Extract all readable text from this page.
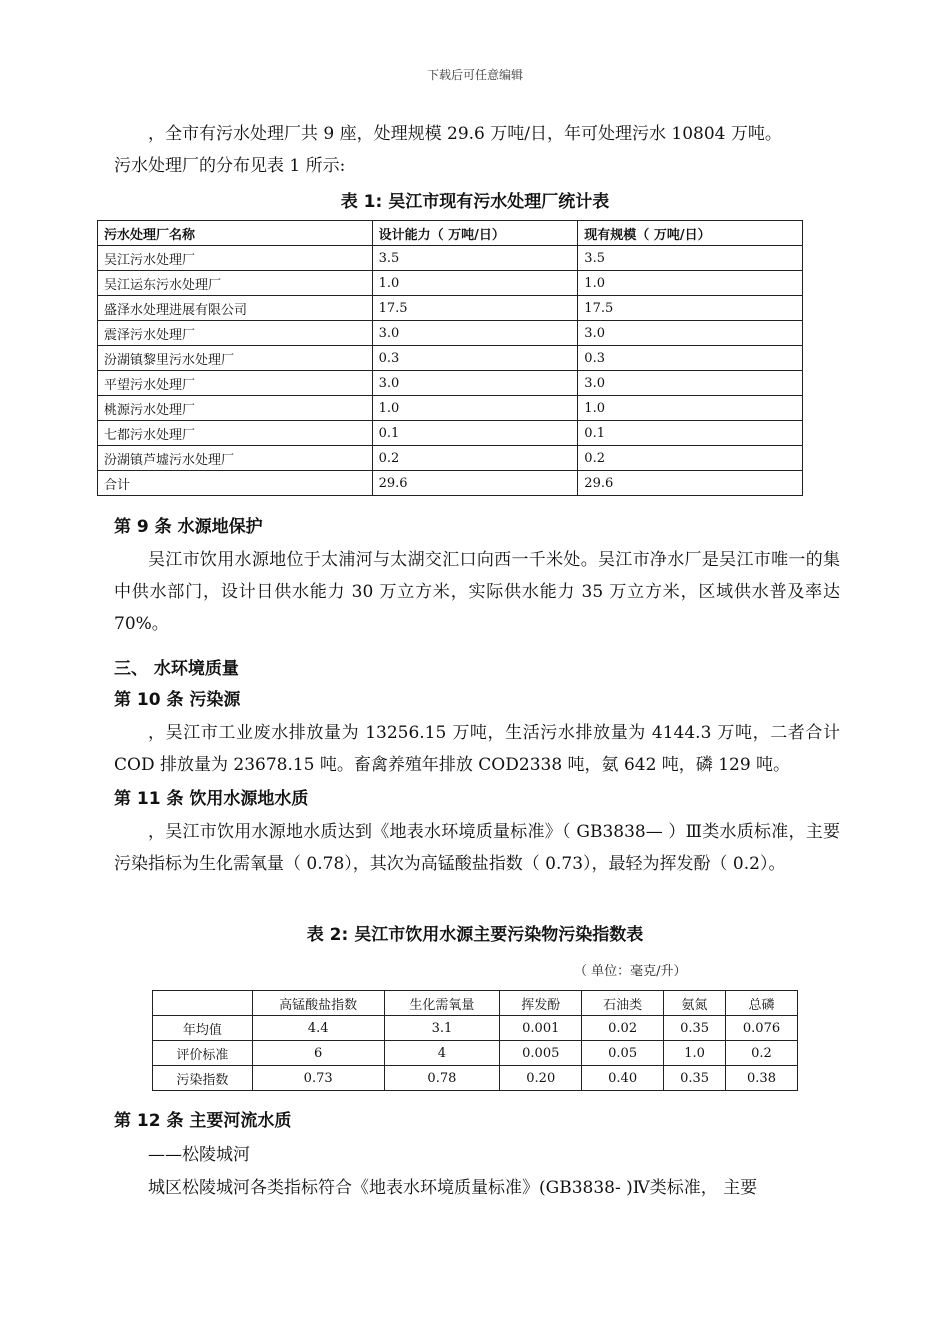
下载后可任意编辑

，全市有污水处理厂共 9 座，处理规模 29.6 万吨/日，年可处理污水 10804 万吨。

污水处理厂的分布见表 1 所示:

表 1: 吴江市现有污水处理厂统计表
污水处理厂名称	设计能力（ 万吨/日）	现有规模（ 万吨/日）
吴江污水处理厂	3.5	3.5
吴江运东污水处理厂	1.0	1.0
盛泽水处理进展有限公司	17.5	17.5
震泽污水处理厂	3.0	3.0
汾湖镇黎里污水处理厂	0.3	0.3
平望污水处理厂	3.0	3.0
桃源污水处理厂	1.0	1.0
七都污水处理厂	0.1	0.1
汾湖镇芦墟污水处理厂	0.2	0.2
合计	29.6	29.6
第 9 条 水源地保护

吴江市饮用水源地位于太浦河与太湖交汇口向西一千米处。吴江市净水厂是吴江市唯一的集中供水部门，设计日供水能力 30 万立方米，实际供水能力 35 万立方米，区域供水普及率达 70%。

三、 水环境质量
第 10 条 污染源

，吴江市工业废水排放量为 13256.15 万吨，生活污水排放量为 4144.3 万吨，二者合计 COD 排放量为 23678.15 吨。畜禽养殖年排放 COD2338 吨，氨 642 吨，磷 129 吨。

第 11 条 饮用水源地水质

，吴江市饮用水源地水质达到《地表水环境质量标准》（ GB3838— ）Ⅲ类水质标准，主要污染指标为生化需氧量（ 0.78），其次为高锰酸盐指数（ 0.73），最轻为挥发酚（ 0.2）。

表 2: 吴江市饮用水源主要污染物污染指数表
（ 单位：毫克/升）
	高锰酸盐指数	生化需氧量	挥发酚	石油类	氨氮	总磷
年均值	4.4	3.1	0.001	0.02	0.35	0.076
评价标准	6	4	0.005	0.05	1.0	0.2
污染指数	0.73	0.78	0.20	0.40	0.35	0.38
第 12 条 主要河流水质

——松陵城河

城区松陵城河各类指标符合《地表水环境质量标准》(GB3838- )Ⅳ类标准， 主要
